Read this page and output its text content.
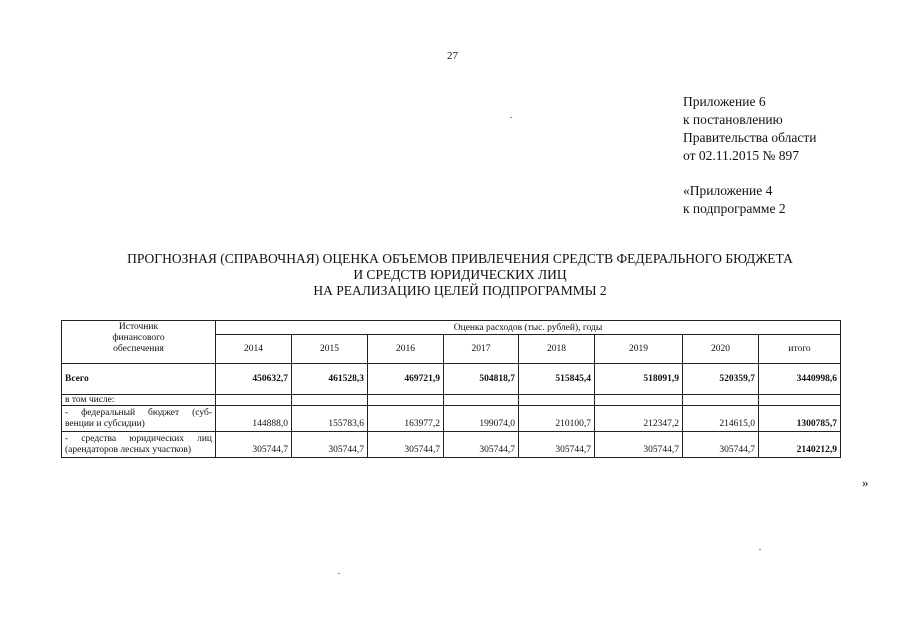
27
Приложение 6
к постановлению
Правительства области
от 02.11.2015 № 897
«Приложение 4
к подпрограмме 2
ПРОГНОЗНАЯ (СПРАВОЧНАЯ) ОЦЕНКА ОБЪЕМОВ ПРИВЛЕЧЕНИЯ СРЕДСТВ ФЕДЕРАЛЬНОГО БЮДЖЕТА
И СРЕДСТВ ЮРИДИЧЕСКИХ ЛИЦ
НА РЕАЛИЗАЦИЮ ЦЕЛЕЙ ПОДПРОГРАММЫ 2
Источник
финансового
обеспечения	Оценка расходов (тыс. рублей), годы							
	2014	2015	2016	2017	2018	2019	2020	итого
Всего	450632,7	461528,3	469721,9	504818,7	515845,4	518091,9	520359,7	3440998,6
в том числе:								

- федеральный бюджет (суб-
венции и субсидии)	144888,0	155783,6	163977,2	199074,0	210100,7	212347,2	214615,0	1300785,7

- средства юридических лиц
(арендаторов лесных участков)	305744,7	305744,7	305744,7	305744,7	305744,7	305744,7	305744,7	2140212,9
»
